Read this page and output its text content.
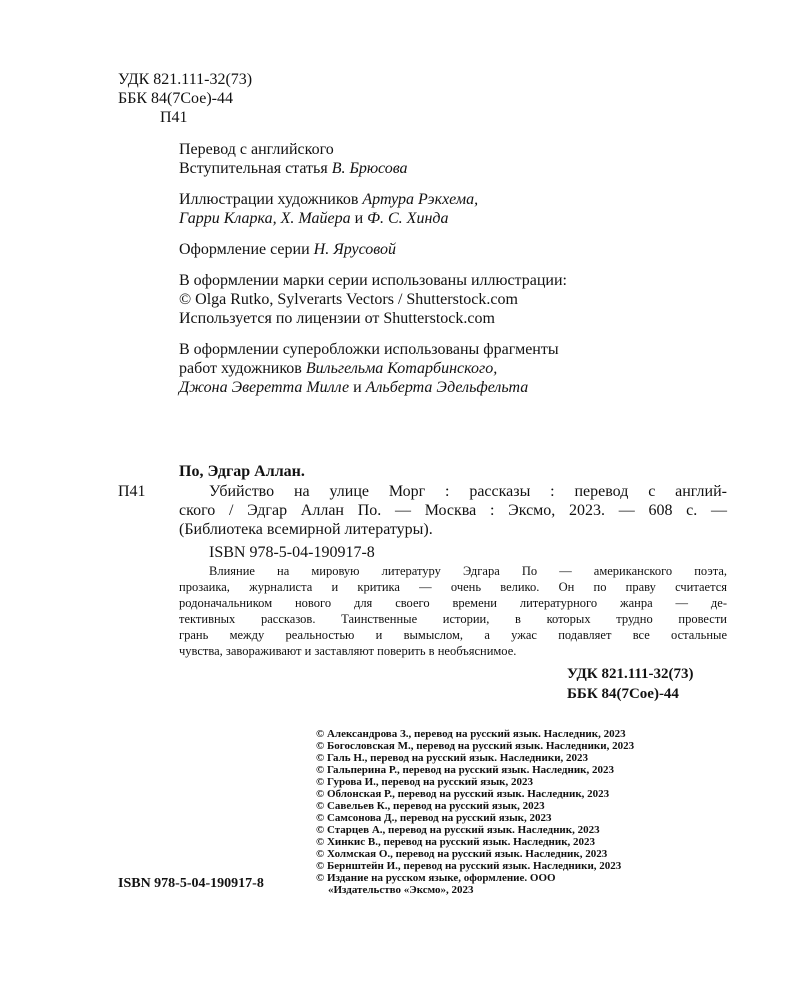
УДК 821.111-32(73)
ББК 84(7Сое)-44
П41
Перевод с английского
Вступительная статья В. Брюсова
Иллюстрации художников Артура Рэкхема,
Гарри Кларка, Х. Майера и Ф. С. Хинда
Оформление серии Н. Ярусовой
В оформлении марки серии использованы иллюстрации:
© Olga Rutko, Sylverarts Vectors / Shutterstock.com
Используется по лицензии от Shutterstock.com
В оформлении суперобложки использованы фрагменты
работ художников Вильгельма Котарбинского,
Джона Эверетта Милле и Альберта Эдельфельта
По, Эдгар Аллан.
П41	Убийство на улице Морг : рассказы : перевод с англий-
ского / Эдгар Аллан По. — Москва : Эксмо, 2023. — 608 с. —
(Библиотека всемирной литературы).
ISBN 978-5-04-190917-8
Влияние на мировую литературу Эдгара По — американского поэта,
прозаика, журналиста и критика — очень велико. Он по праву считается
родоначальником нового для своего времени литературного жанра — де-
тективных рассказов. Таинственные истории, в которых трудно провести
грань между реальностью и вымыслом, а ужас подавляет все остальные
чувства, завораживают и заставляют поверить в необъяснимое.
УДК 821.111-32(73)
ББК 84(7Сое)-44
© Александрова З., перевод на русский язык. Наследник, 2023
© Богословская М., перевод на русский язык. Наследники, 2023
© Галь Н., перевод на русский язык. Наследники, 2023
© Гальперина Р., перевод на русский язык. Наследник, 2023
© Гурова И., перевод на русский язык, 2023
© Облонская Р., перевод на русский язык. Наследник, 2023
© Савельев К., перевод на русский язык, 2023
© Самсонова Д., перевод на русский язык, 2023
© Старцев А., перевод на русский язык. Наследник, 2023
© Хинкис В., перевод на русский язык. Наследник, 2023
© Холмская О., перевод на русский язык. Наследник, 2023
© Бернштейн И., перевод на русский язык. Наследники, 2023
© Издание на русском языке, оформление. ООО
«Издательство «Эксмо», 2023
ISBN 978-5-04-190917-8
